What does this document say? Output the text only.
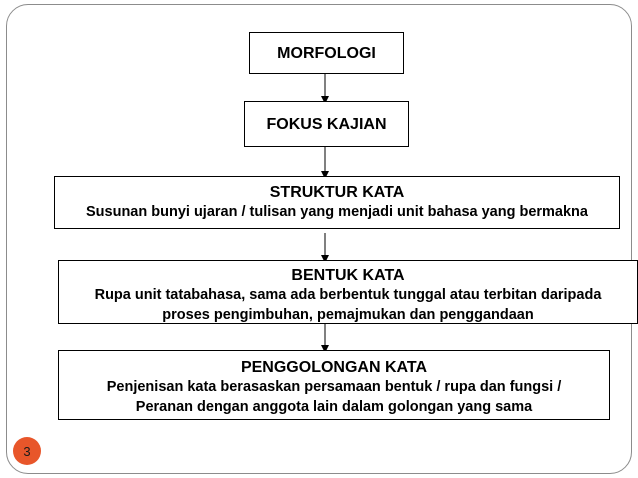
MORFOLOGI
FOKUS KAJIAN
STRUKTUR KATA
Susunan bunyi ujaran / tulisan yang menjadi unit bahasa yang bermakna
BENTUK KATA
Rupa unit tatabahasa, sama ada berbentuk tunggal atau terbitan daripada
proses pengimbuhan, pemajmukan dan penggandaan
PENGGOLONGAN KATA
Penjenisan kata berasaskan persamaan bentuk / rupa dan fungsi /
Peranan dengan anggota lain dalam golongan yang sama
3
